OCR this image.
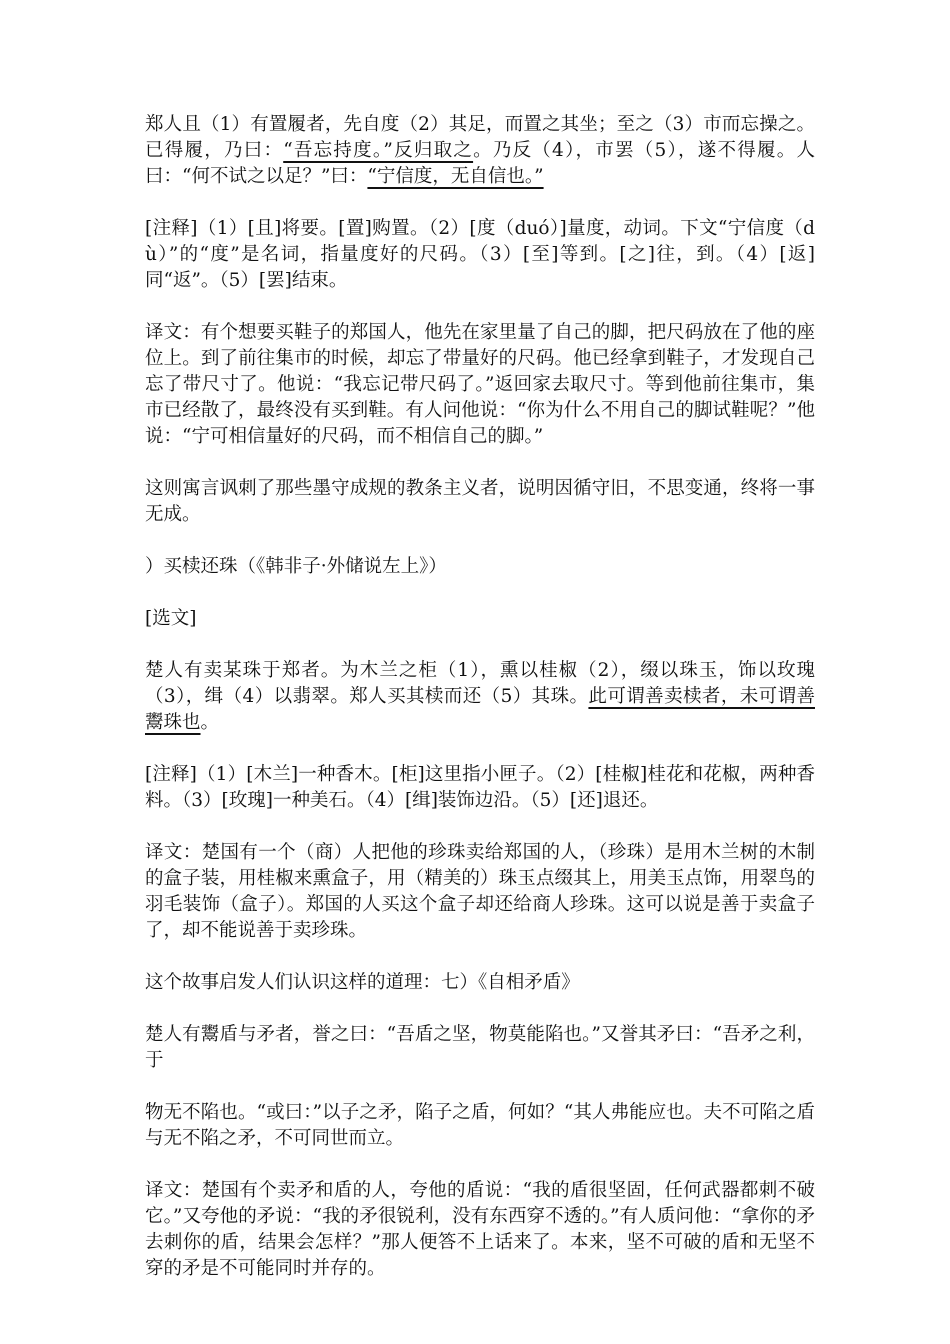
郑人且（1）有置履者，先自度（2）其足，而置之其坐；至之（3）市而忘操之。已得履，乃曰：“吾忘持度。”反归取之。乃反（4），市罢（5），遂不得履。人曰：“何不试之以足？”曰：“宁信度，无自信也。”

[注释]（1）[且]将要。[置]购置。（2）[度（duó）]量度，动词。下文“宁信度（dù）”的“度”是名词，指量度好的尺码。（3）[至]等到。[之]往，到。（4）[返]同“返”。（5）[罢]结束。

译文：有个想要买鞋子的郑国人，他先在家里量了自己的脚，把尺码放在了他的座位上。到了前往集市的时候，却忘了带量好的尺码。他已经拿到鞋子，才发现自己忘了带尺寸了。他说：“我忘记带尺码了。”返回家去取尺寸。等到他前往集市，集市已经散了，最终没有买到鞋。有人问他说：“你为什么不用自己的脚试鞋呢？”他说：“宁可相信量好的尺码，而不相信自己的脚。”

这则寓言讽刺了那些墨守成规的教条主义者，说明因循守旧，不思变通，终将一事无成。

）买椟还珠（《韩非子·外储说左上》）

[选文]

楚人有卖某珠于郑者。为木兰之柜（1），熏以桂椒（2），缀以珠玉，饰以玫瑰（3），缉（4）以翡翠。郑人买其椟而还（5）其珠。此可谓善卖椟者，未可谓善鬻珠也。

[注释]（1）[木兰]一种香木。[柜]这里指小匣子。（2）[桂椒]桂花和花椒，两种香料。（3）[玫瑰]一种美石。（4）[缉]装饰边沿。（5）[还]退还。

译文：楚国有一个（商）人把他的珍珠卖给郑国的人，（珍珠）是用木兰树的木制的盒子装，用桂椒来熏盒子，用（精美的）珠玉点缀其上，用美玉点饰，用翠鸟的羽毛装饰（盒子）。郑国的人买这个盒子却还给商人珍珠。这可以说是善于卖盒子了，却不能说善于卖珍珠。

这个故事启发人们认识这样的道理：七）《自相矛盾》

楚人有鬻盾与矛者，誉之曰：“吾盾之坚，物莫能陷也。”又誉其矛曰：“吾矛之利，于

物无不陷也。“或曰：”以子之矛，陷子之盾，何如？“其人弗能应也。夫不可陷之盾与无不陷之矛，不可同世而立。

译文：楚国有个卖矛和盾的人，夸他的盾说：“我的盾很坚固，任何武器都刺不破它。”又夸他的矛说：“我的矛很锐利，没有东西穿不透的。”有人质问他：“拿你的矛去刺你的盾，结果会怎样？”那人便答不上话来了。本来，坚不可破的盾和无坚不穿的矛是不可能同时并存的。
